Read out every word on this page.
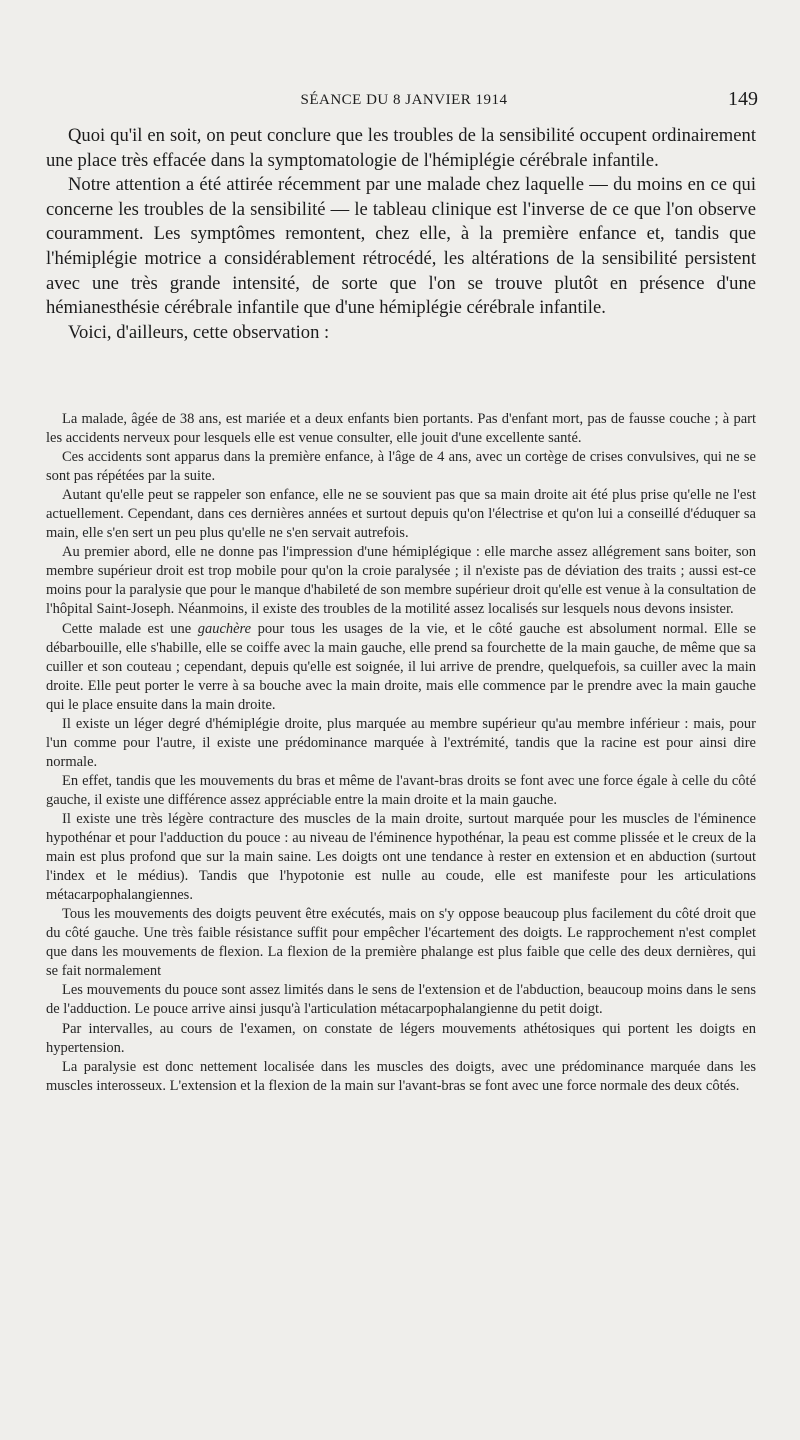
SÉANCE DU 8 JANVIER 1914	149

Quoi qu'il en soit, on peut conclure que les troubles de la sensibilité occupent ordinairement une place très effacée dans la symptomatologie de l'hémiplégie cérébrale infantile.

Notre attention a été attirée récemment par une malade chez laquelle — du moins en ce qui concerne les troubles de la sensibilité — le tableau clinique est l'inverse de ce que l'on observe couramment. Les symptômes remontent, chez elle, à la première enfance et, tandis que l'hémiplégie motrice a considérablement rétrocédé, les altérations de la sensibilité persistent avec une très grande intensité, de sorte que l'on se trouve plutôt en présence d'une hémianesthésie cérébrale infantile que d'une hémiplégie cérébrale infantile.

Voici, d'ailleurs, cette observation :

La malade, âgée de 38 ans, est mariée et a deux enfants bien portants. Pas d'enfant mort, pas de fausse couche ; à part les accidents nerveux pour lesquels elle est venue consulter, elle jouit d'une excellente santé.

Ces accidents sont apparus dans la première enfance, à l'âge de 4 ans, avec un cortège de crises convulsives, qui ne se sont pas répétées par la suite.

Autant qu'elle peut se rappeler son enfance, elle ne se souvient pas que sa main droite ait été plus prise qu'elle ne l'est actuellement. Cependant, dans ces dernières années et surtout depuis qu'on l'électrise et qu'on lui a conseillé d'éduquer sa main, elle s'en sert un peu plus qu'elle ne s'en servait autrefois.

Au premier abord, elle ne donne pas l'impression d'une hémiplégique : elle marche assez allégrement sans boiter, son membre supérieur droit est trop mobile pour qu'on la croie paralysée ; il n'existe pas de déviation des traits ; aussi est-ce moins pour la paralysie que pour le manque d'habileté de son membre supérieur droit qu'elle est venue à la consultation de l'hôpital Saint-Joseph. Néanmoins, il existe des troubles de la motilité assez localisés sur lesquels nous devons insister.

Cette malade est une gauchère pour tous les usages de la vie, et le côté gauche est absolument normal. Elle se débarbouille, elle s'habille, elle se coiffe avec la main gauche, elle prend sa fourchette de la main gauche, de même que sa cuiller et son couteau ; cependant, depuis qu'elle est soignée, il lui arrive de prendre, quelquefois, sa cuiller avec la main droite. Elle peut porter le verre à sa bouche avec la main droite, mais elle commence par le prendre avec la main gauche qui le place ensuite dans la main droite.

Il existe un léger degré d'hémiplégie droite, plus marquée au membre supérieur qu'au membre inférieur : mais, pour l'un comme pour l'autre, il existe une prédominance marquée à l'extrémité, tandis que la racine est pour ainsi dire normale.

En effet, tandis que les mouvements du bras et même de l'avant-bras droits se font avec une force égale à celle du côté gauche, il existe une différence assez appréciable entre la main droite et la main gauche.

Il existe une très légère contracture des muscles de la main droite, surtout marquée pour les muscles de l'éminence hypothénar et pour l'adduction du pouce : au niveau de l'éminence hypothénar, la peau est comme plissée et le creux de la main est plus profond que sur la main saine. Les doigts ont une tendance à rester en extension et en abduction (surtout l'index et le médius). Tandis que l'hypotonie est nulle au coude, elle est manifeste pour les articulations métacarpophalangiennes.

Tous les mouvements des doigts peuvent être exécutés, mais on s'y oppose beaucoup plus facilement du côté droit que du côté gauche. Une très faible résistance suffit pour empêcher l'écartement des doigts. Le rapprochement n'est complet que dans les mouvements de flexion. La flexion de la première phalange est plus faible que celle des deux dernières, qui se fait normalement

Les mouvements du pouce sont assez limités dans le sens de l'extension et de l'abduction, beaucoup moins dans le sens de l'adduction. Le pouce arrive ainsi jusqu'à l'articulation métacarpophalangienne du petit doigt.

Par intervalles, au cours de l'examen, on constate de légers mouvements athétosiques qui portent les doigts en hypertension.

La paralysie est donc nettement localisée dans les muscles des doigts, avec une prédominance marquée dans les muscles interosseux. L'extension et la flexion de la main sur l'avant-bras se font avec une force normale des deux côtés.
